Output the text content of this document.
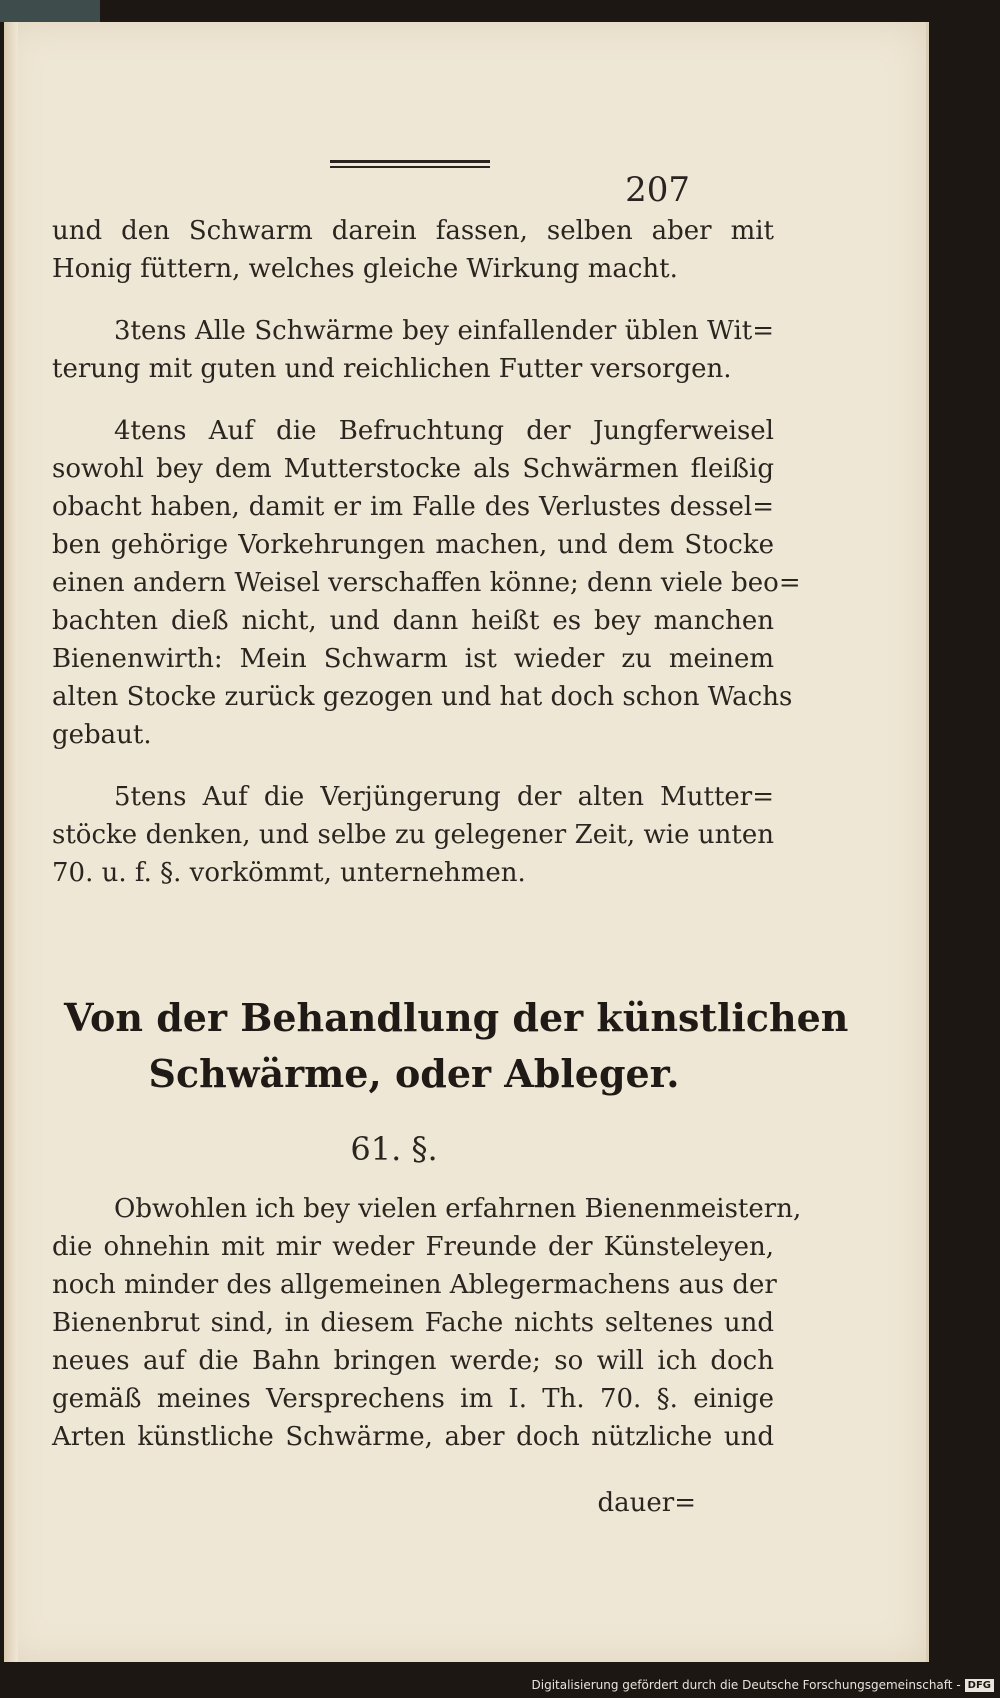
207
und den Schwarm darein fassen, selben aber mit
Honig füttern, welches gleiche Wirkung macht.
3tens Alle Schwärme bey einfallender üblen Wit=
terung mit guten und reichlichen Futter versorgen.
4tens Auf die Befruchtung der Jungferweisel
sowohl bey dem Mutterstocke als Schwärmen fleißig
obacht haben, damit er im Falle des Verlustes dessel=
ben gehörige Vorkehrungen machen, und dem Stocke
einen andern Weisel verschaffen könne; denn viele beo=
bachten dieß nicht, und dann heißt es bey manchen
Bienenwirth: Mein Schwarm ist wieder zu meinem
alten Stocke zurück gezogen und hat doch schon Wachs
gebaut.
5tens Auf die Verjüngerung der alten Mutter=
stöcke denken, und selbe zu gelegener Zeit, wie unten
70. u. f. §. vorkömmt, unternehmen.
Von der Behandlung der künstlichen
Schwärme, oder Ableger.
61. §.
Obwohlen ich bey vielen erfahrnen Bienenmeistern,
die ohnehin mit mir weder Freunde der Künsteleyen,
noch minder des allgemeinen Ablegermachens aus der
Bienenbrut sind, in diesem Fache nichts seltenes und
neues auf die Bahn bringen werde; so will ich doch
gemäß meines Versprechens im I. Th. 70. §. einige
Arten künstliche Schwärme, aber doch nützliche und
dauer=
Digitalisierung gefördert durch die Deutsche Forschungsgemeinschaft - DFG
